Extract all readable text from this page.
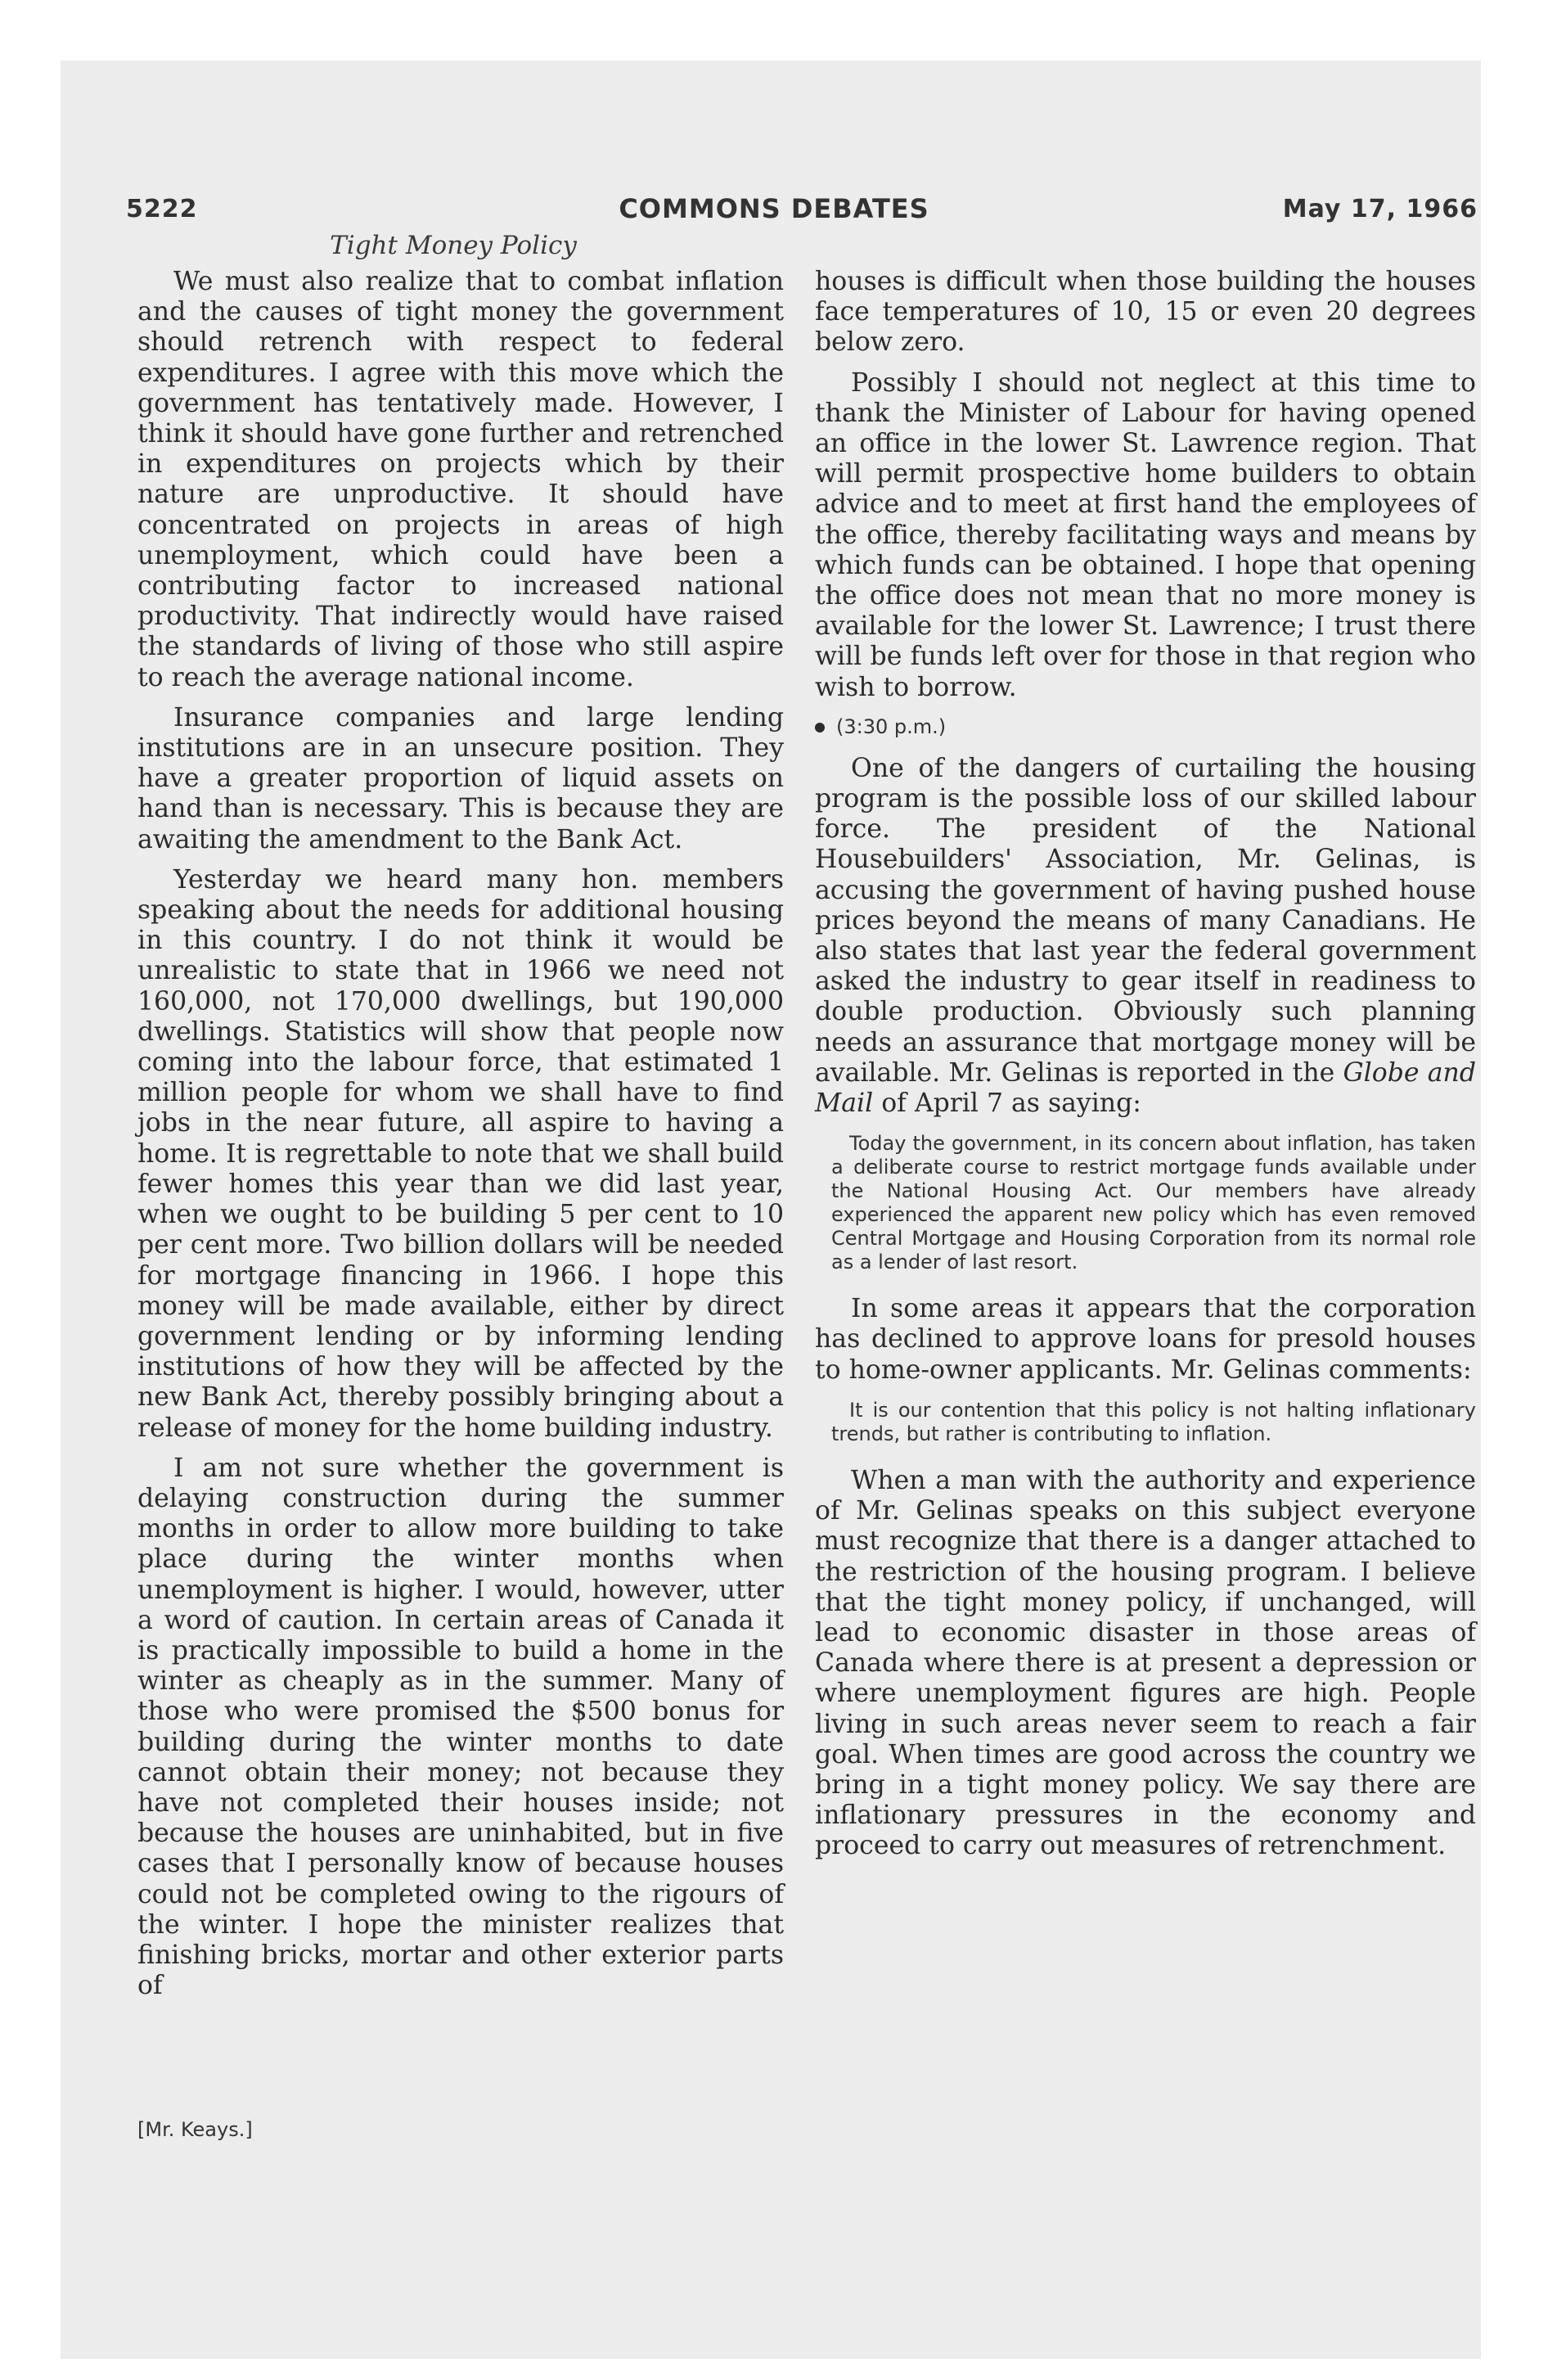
5222	COMMONS DEBATES	May 17, 1966
Tight Money Policy

We must also realize that to combat inflation and the causes of tight money the government should retrench with respect to federal expenditures. I agree with this move which the government has tentatively made. However, I think it should have gone further and retrenched in expenditures on projects which by their nature are unproductive. It should have concentrated on projects in areas of high unemployment, which could have been a contributing factor to increased national productivity. That indirectly would have raised the standards of living of those who still aspire to reach the average national income.

Insurance companies and large lending institutions are in an unsecure position. They have a greater proportion of liquid assets on hand than is necessary. This is because they are awaiting the amendment to the Bank Act.

Yesterday we heard many hon. members speaking about the needs for additional housing in this country. I do not think it would be unrealistic to state that in 1966 we need not 160,000, not 170,000 dwellings, but 190,000 dwellings. Statistics will show that people now coming into the labour force, that estimated 1 million people for whom we shall have to find jobs in the near future, all aspire to having a home. It is regrettable to note that we shall build fewer homes this year than we did last year, when we ought to be building 5 per cent to 10 per cent more. Two billion dollars will be needed for mortgage financing in 1966. I hope this money will be made available, either by direct government lending or by informing lending institutions of how they will be affected by the new Bank Act, thereby possibly bringing about a release of money for the home building industry.

I am not sure whether the government is delaying construction during the summer months in order to allow more building to take place during the winter months when unemployment is higher. I would, however, utter a word of caution. In certain areas of Canada it is practically impossible to build a home in the winter as cheaply as in the summer. Many of those who were promised the $500 bonus for building during the winter months to date cannot obtain their money; not because they have not completed their houses inside; not because the houses are uninhabited, but in five cases that I personally know of because houses could not be completed owing to the rigours of the winter. I hope the minister realizes that finishing bricks, mortar and other exterior parts of

[Mr. Keays.]

houses is difficult when those building the houses face temperatures of 10, 15 or even 20 degrees below zero.

Possibly I should not neglect at this time to thank the Minister of Labour for having opened an office in the lower St. Lawrence region. That will permit prospective home builders to obtain advice and to meet at first hand the employees of the office, thereby facilitating ways and means by which funds can be obtained. I hope that opening the office does not mean that no more money is available for the lower St. Lawrence; I trust there will be funds left over for those in that region who wish to borrow.

(3:30 p.m.)

One of the dangers of curtailing the housing program is the possible loss of our skilled labour force. The president of the National Housebuilders' Association, Mr. Gelinas, is accusing the government of having pushed house prices beyond the means of many Canadians. He also states that last year the federal government asked the industry to gear itself in readiness to double production. Obviously such planning needs an assurance that mortgage money will be available. Mr. Gelinas is reported in the Globe and Mail of April 7 as saying:

Today the government, in its concern about inflation, has taken a deliberate course to restrict mortgage funds available under the National Housing Act. Our members have already experienced the apparent new policy which has even removed Central Mortgage and Housing Corporation from its normal role as a lender of last resort.

In some areas it appears that the corporation has declined to approve loans for presold houses to home-owner applicants. Mr. Gelinas comments:

It is our contention that this policy is not halting inflationary trends, but rather is contributing to inflation.

When a man with the authority and experience of Mr. Gelinas speaks on this subject everyone must recognize that there is a danger attached to the restriction of the housing program. I believe that the tight money policy, if unchanged, will lead to economic disaster in those areas of Canada where there is at present a depression or where unemployment figures are high. People living in such areas never seem to reach a fair goal. When times are good across the country we bring in a tight money policy. We say there are inflationary pressures in the economy and proceed to carry out measures of retrenchment.
